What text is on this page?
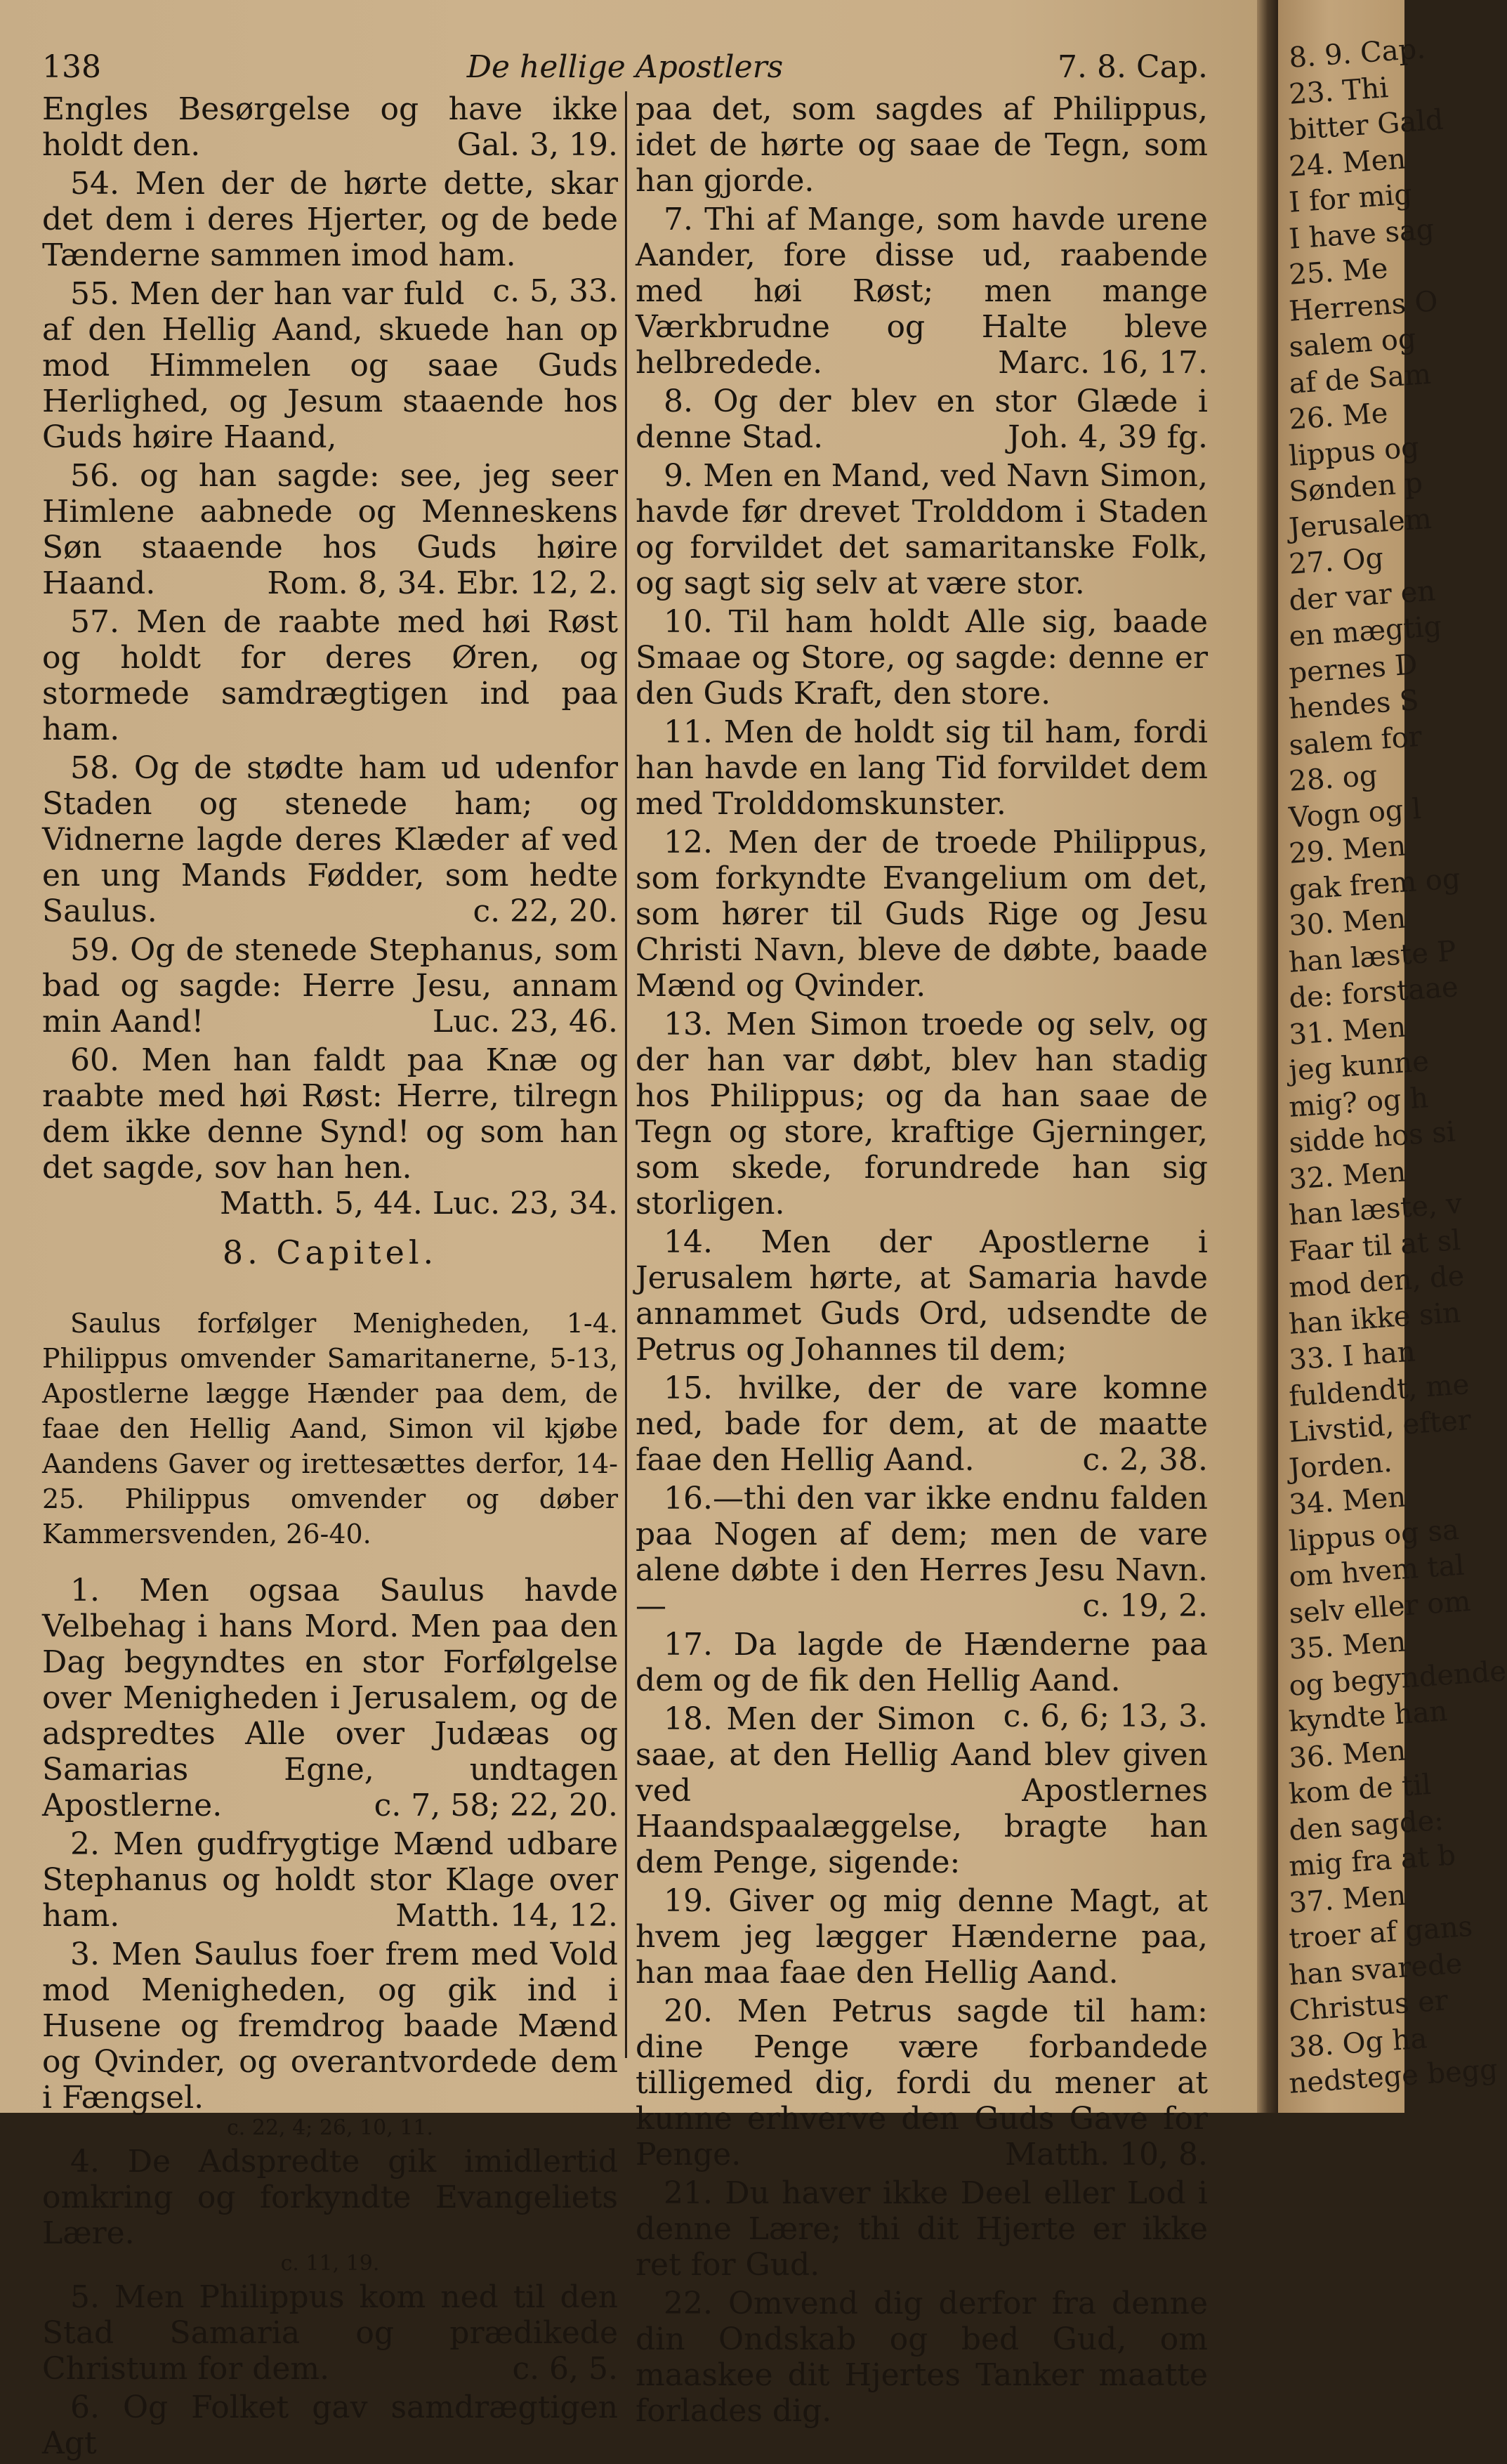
138	De hellige Apostlers	7. 8. Cap.

Engles Besørgelse og have ikke holdt den.	Gal. 3, 19.

54. Men der de hørte dette, skar det dem i deres Hjerter, og de bede Tænderne sammen imod ham.
c. 5, 33.

55. Men der han var fuld af den Hellig Aand, skuede han op mod Himmelen og saae Guds Herlighed, og Jesum staaende hos Guds høire Haand,

56. og han sagde: see, jeg seer Himlene aabnede og Menneskens Søn staaende hos Guds høire Haand.	Rom. 8, 34. Ebr. 12, 2.

57. Men de raabte med høi Røst og holdt for deres Øren, og stormede samdrægtigen ind paa ham.

58. Og de stødte ham ud udenfor Staden og stenede ham; og Vidnerne lagde deres Klæder af ved en ung Mands Fødder, som hedte Saulus.	c. 22, 20.

59. Og de stenede Stephanus, som bad og sagde: Herre Jesu, annam min Aand!	Luc. 23, 46.

60. Men han faldt paa Knæ og raabte med høi Røst: Herre, tilregn dem ikke denne Synd! og som han det sagde, sov han hen.
Matth. 5, 44. Luc. 23, 34.

8. Capitel.

Saulus forfølger Menigheden, 1-4. Philippus omvender Samaritanerne, 5-13, Apostlerne lægge Hænder paa dem, de faae den Hellig Aand, Simon vil kjøbe Aandens Gaver og irettesættes derfor, 14-25. Philippus omvender og døber Kammersvenden, 26-40.

1. Men ogsaa Saulus havde Velbehag i hans Mord. Men paa den Dag begyndtes en stor Forfølgelse over Menigheden i Jerusalem, og de adspredtes Alle over Judæas og Samarias Egne, undtagen Apostlerne.	c. 7, 58; 22, 20.

2. Men gudfrygtige Mænd udbare Stephanus og holdt stor Klage over ham.	Matth. 14, 12.

3. Men Saulus foer frem med Vold mod Menigheden, og gik ind i Husene og fremdrog baade Mænd og Qvinder, og overantvordede dem i Fængsel.
c. 22, 4; 26, 10, 11.

4. De Adspredte gik imidlertid omkring og forkyndte Evangeliets Lære.
c. 11, 19.

5. Men Philippus kom ned til den Stad Samaria og prædikede Christum for dem.	c. 6, 5.

6. Og Folket gav samdrægtigen Agt

paa det, som sagdes af Philippus, idet de hørte og saae de Tegn, som han gjorde.

7. Thi af Mange, som havde urene Aander, fore disse ud, raabende med høi Røst; men mange Værkbrudne og Halte bleve helbredede.	Marc. 16, 17.

8. Og der blev en stor Glæde i denne Stad.	Joh. 4, 39 fg.

9. Men en Mand, ved Navn Simon, havde før drevet Trolddom i Staden og forvildet det samaritanske Folk, og sagt sig selv at være stor.

10. Til ham holdt Alle sig, baade Smaae og Store, og sagde: denne er den Guds Kraft, den store.

11. Men de holdt sig til ham, fordi han havde en lang Tid forvildet dem med Trolddomskunster.

12. Men der de troede Philippus, som forkyndte Evangelium om det, som hører til Guds Rige og Jesu Christi Navn, bleve de døbte, baade Mænd og Qvinder.

13. Men Simon troede og selv, og der han var døbt, blev han stadig hos Philippus; og da han saae de Tegn og store, kraftige Gjerninger, som skede, forundrede han sig storligen.

14. Men der Apostlerne i Jerusalem hørte, at Samaria havde annammet Guds Ord, udsendte de Petrus og Johannes til dem;

15. hvilke, der de vare komne ned, bade for dem, at de maatte faae den Hellig Aand.	c. 2, 38.

16.—thi den var ikke endnu falden paa Nogen af dem; men de vare alene døbte i den Herres Jesu Navn.—	c. 19, 2.

17. Da lagde de Hænderne paa dem og de fik den Hellig Aand.
c. 6, 6; 13, 3.

18. Men der Simon saae, at den Hellig Aand blev given ved Apostlernes Haandspaalæggelse, bragte han dem Penge, sigende:

19. Giver og mig denne Magt, at hvem jeg lægger Hænderne paa, han maa faae den Hellig Aand.

20. Men Petrus sagde til ham: dine Penge være forbandede tilligemed dig, fordi du mener at kunne erhverve den Guds Gave for Penge.	Matth. 10, 8.

21. Du haver ikke Deel eller Lod i denne Lære; thi dit Hjerte er ikke ret for Gud.

22. Omvend dig derfor fra denne din Ondskab og bed Gud, om maaskee dit Hjertes Tanker maatte forlades dig.

8. 9. Cap.
23. Thi
bitter Gald
24. Men
I for mig
I have sag
25. Me
Herrens O
salem og
af de Sam
26. Me
lippus og
Sønden p
Jerusalem
27. Og
der var en
en mægtig
pernes D
hendes S
salem for
28. og
Vogn og l
29. Men
gak frem og
30. Men
han læste P
de: forstaae
31. Men
jeg kunne
mig? og h
sidde hos si
32. Men
han læste, v
Faar til at sl
mod den, de
han ikke sin
33. I han
fuldendt, me
Livstid, efter
Jorden.
34. Men
lippus og sa
om hvem tal
selv eller om
35. Men
og begyndende
kyndte han
36. Men
kom de til
den sagde:
mig fra at b
37. Men
troer af gans
han svarede
Christus er
38. Og ha
nedstege begg
